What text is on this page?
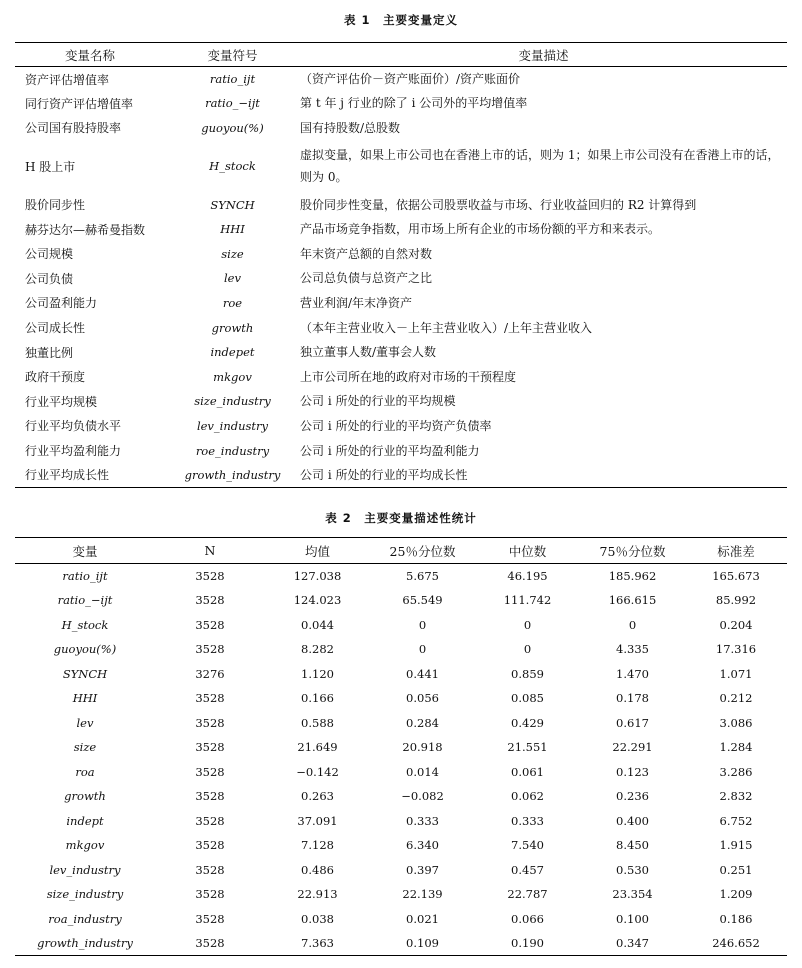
表 1　主要变量定义
变量名称	变量符号	变量描述
资产评估增值率	ratio_ijt	（资产评估价－资产账面价）/资产账面价
同行资产评估增值率	ratio_−ijt	第 t 年 j 行业的除了 i 公司外的平均增值率
公司国有股持股率	guoyou(%)	国有持股数/总股数
H 股上市	H_stock	虚拟变量，如果上市公司也在香港上市的话，则为 1；如果上市公司没有在香港上市的话，则为 0。
股价同步性	SYNCH	股价同步性变量，依据公司股票收益与市场、行业收益回归的 R2 计算得到
赫芬达尔—赫希曼指数	HHI	产品市场竞争指数，用市场上所有企业的市场份额的平方和来表示。
公司规模	size	年末资产总额的自然对数
公司负债	lev	公司总负债与总资产之比
公司盈利能力	roe	营业利润/年末净资产
公司成长性	growth	（本年主营业收入－上年主营业收入）/上年主营业收入
独董比例	indepet	独立董事人数/董事会人数
政府干预度	mkgov	上市公司所在地的政府对市场的干预程度
行业平均规模	size_industry	公司 i 所处的行业的平均规模
行业平均负债水平	lev_industry	公司 i 所处的行业的平均资产负债率
行业平均盈利能力	roe_industry	公司 i 所处的行业的平均盈利能力
行业平均成长性	growth_industry	公司 i 所处的行业的平均成长性
表 2　主要变量描述性统计
变量	N	均值	25％分位数	中位数	75％分位数	标准差
ratio_ijt	3528	127.038	5.675	46.195	185.962	165.673
ratio_−ijt	3528	124.023	65.549	111.742	166.615	85.992
H_stock	3528	0.044	0	0	0	0.204
guoyou(%)	3528	8.282	0	0	4.335	17.316
SYNCH	3276	1.120	0.441	0.859	1.470	1.071
HHI	3528	0.166	0.056	0.085	0.178	0.212
lev	3528	0.588	0.284	0.429	0.617	3.086
size	3528	21.649	20.918	21.551	22.291	1.284
roa	3528	−0.142	0.014	0.061	0.123	3.286
growth	3528	0.263	−0.082	0.062	0.236	2.832
indept	3528	37.091	0.333	0.333	0.400	6.752
mkgov	3528	7.128	6.340	7.540	8.450	1.915
lev_industry	3528	0.486	0.397	0.457	0.530	0.251
size_industry	3528	22.913	22.139	22.787	23.354	1.209
roa_industry	3528	0.038	0.021	0.066	0.100	0.186
growth_industry	3528	7.363	0.109	0.190	0.347	246.652
